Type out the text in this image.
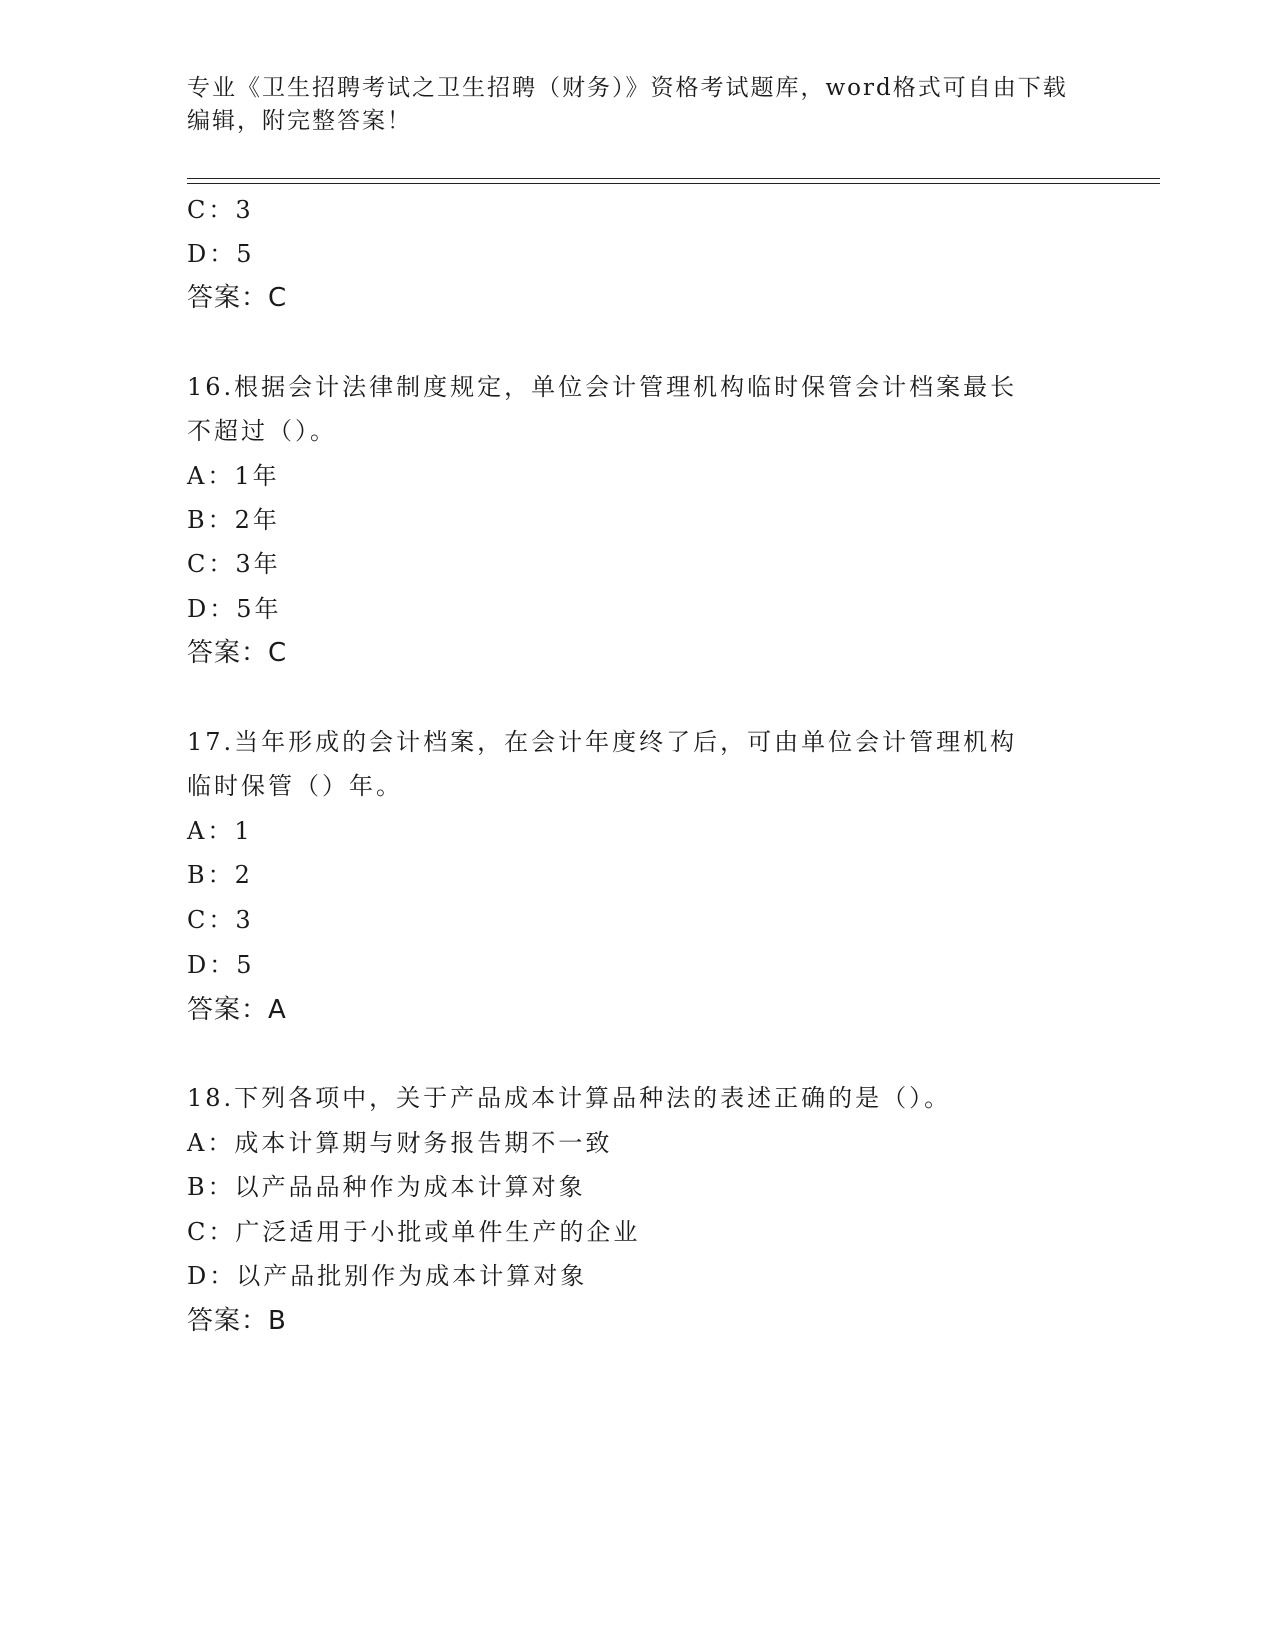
专业《卫生招聘考试之卫生招聘（财务）》资格考试题库，word格式可自由下载
编辑，附完整答案！
C：3
D：5
答案：C
16.根据会计法律制度规定，单位会计管理机构临时保管会计档案最长
不超过（）。
A：1年
B：2年
C：3年
D：5年
答案：C
17.当年形成的会计档案，在会计年度终了后，可由单位会计管理机构
临时保管（）年。
A：1
B：2
C：3
D：5
答案：A
18.下列各项中，关于产品成本计算品种法的表述正确的是（）。
A：成本计算期与财务报告期不一致
B：以产品品种作为成本计算对象
C：广泛适用于小批或单件生产的企业
D：以产品批别作为成本计算对象
答案：B
